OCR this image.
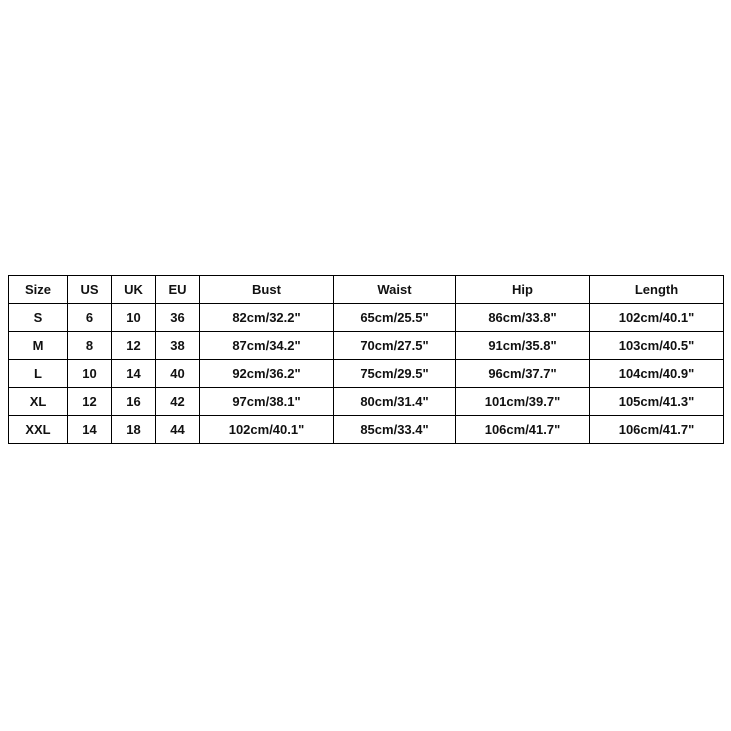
Size	US	UK	EU	Bust	Waist	Hip	Length
S	6	10	36	82cm/32.2"	65cm/25.5"	86cm/33.8"	102cm/40.1"
M	8	12	38	87cm/34.2"	70cm/27.5"	91cm/35.8"	103cm/40.5"
L	10	14	40	92cm/36.2"	75cm/29.5"	96cm/37.7"	104cm/40.9"
XL	12	16	42	97cm/38.1"	80cm/31.4"	101cm/39.7"	105cm/41.3"
XXL	14	18	44	102cm/40.1"	85cm/33.4"	106cm/41.7"	106cm/41.7"
